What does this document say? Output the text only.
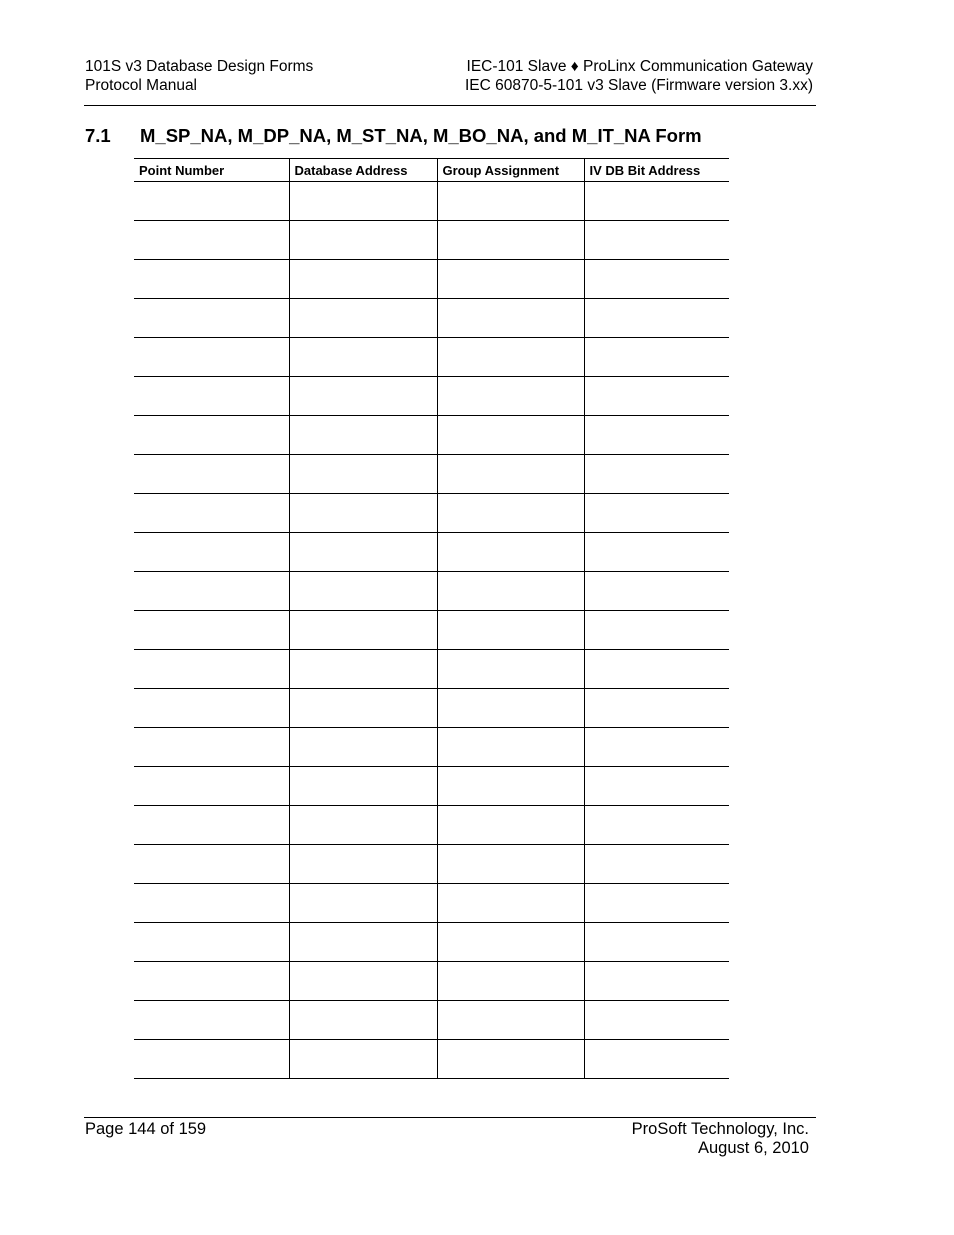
101S v3 Database Design Forms
Protocol Manual
IEC-101 Slave ♦ ProLinx Communication Gateway
IEC 60870-5-101 v3 Slave (Firmware version 3.xx)
7.1 M_SP_NA, M_DP_NA, M_ST_NA, M_BO_NA, and M_IT_NA Form
Point Number	Database Address	Group Assignment	IV DB Bit Address

Page 144 of 159	ProSoft Technology, Inc.
August 6, 2010
